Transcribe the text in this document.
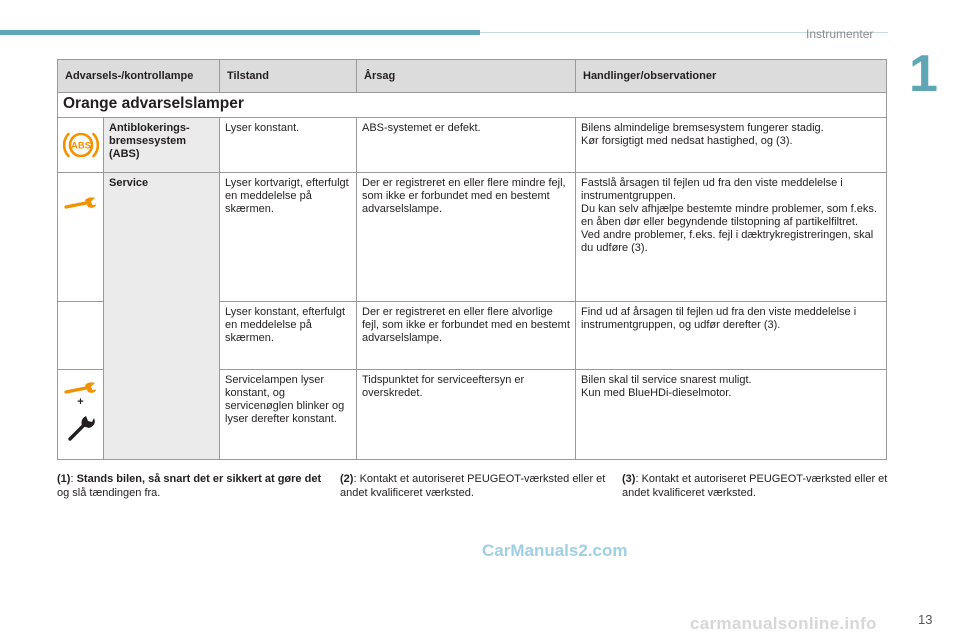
Instrumenter
1
Advarsels-/kontrollampe		Tilstand	Årsag	Handlinger/observationer
Orange advarselslamper				

ABS	Antiblokerings-bremsesystem (ABS)	Lyser konstant.	ABS-systemet er defekt.	Bilens almindelige bremsesystem fungerer stadig.
Kør forsigtigt med nedsat hastighed, og (3).

	Service	Lyser kortvarigt, efterfulgt en meddelelse på skærmen.	Der er registreret en eller flere mindre fejl, som ikke er forbundet med en bestemt advarselslampe.	Fastslå årsagen til fejlen ud fra den viste meddelelse i instrumentgruppen.
Du kan selv afhjælpe bestemte mindre problemer, som f.eks. en åben dør eller begyndende tilstopning af partikelfiltret.
Ved andre problemer, f.eks. fejl i dæktrykregistreringen, skal du udføre (3).
		Lyser konstant, efterfulgt en meddelelse på skærmen.	Der er registreret en eller flere alvorlige fejl, som ikke er forbundet med en bestemt advarselslampe.	Find ud af årsagen til fejlen ud fra den viste meddelelse i instrumentgruppen, og udfør derefter (3).

+		Servicelampen lyser konstant, og servicenøglen blinker og lyser derefter konstant.	Tidspunktet for serviceeftersyn er overskredet.	Bilen skal til service snarest muligt.
Kun med BlueHDi-dieselmotor.
(1): Stands bilen, så snart det er sikkert at gøre det og slå tændingen fra.
(2): Kontakt et autoriseret PEUGEOT-værksted eller et andet kvalificeret værksted.
(3): Kontakt et autoriseret PEUGEOT-værksted eller et andet kvalificeret værksted.
CarManuals2.com
carmanualsonline.info	13
